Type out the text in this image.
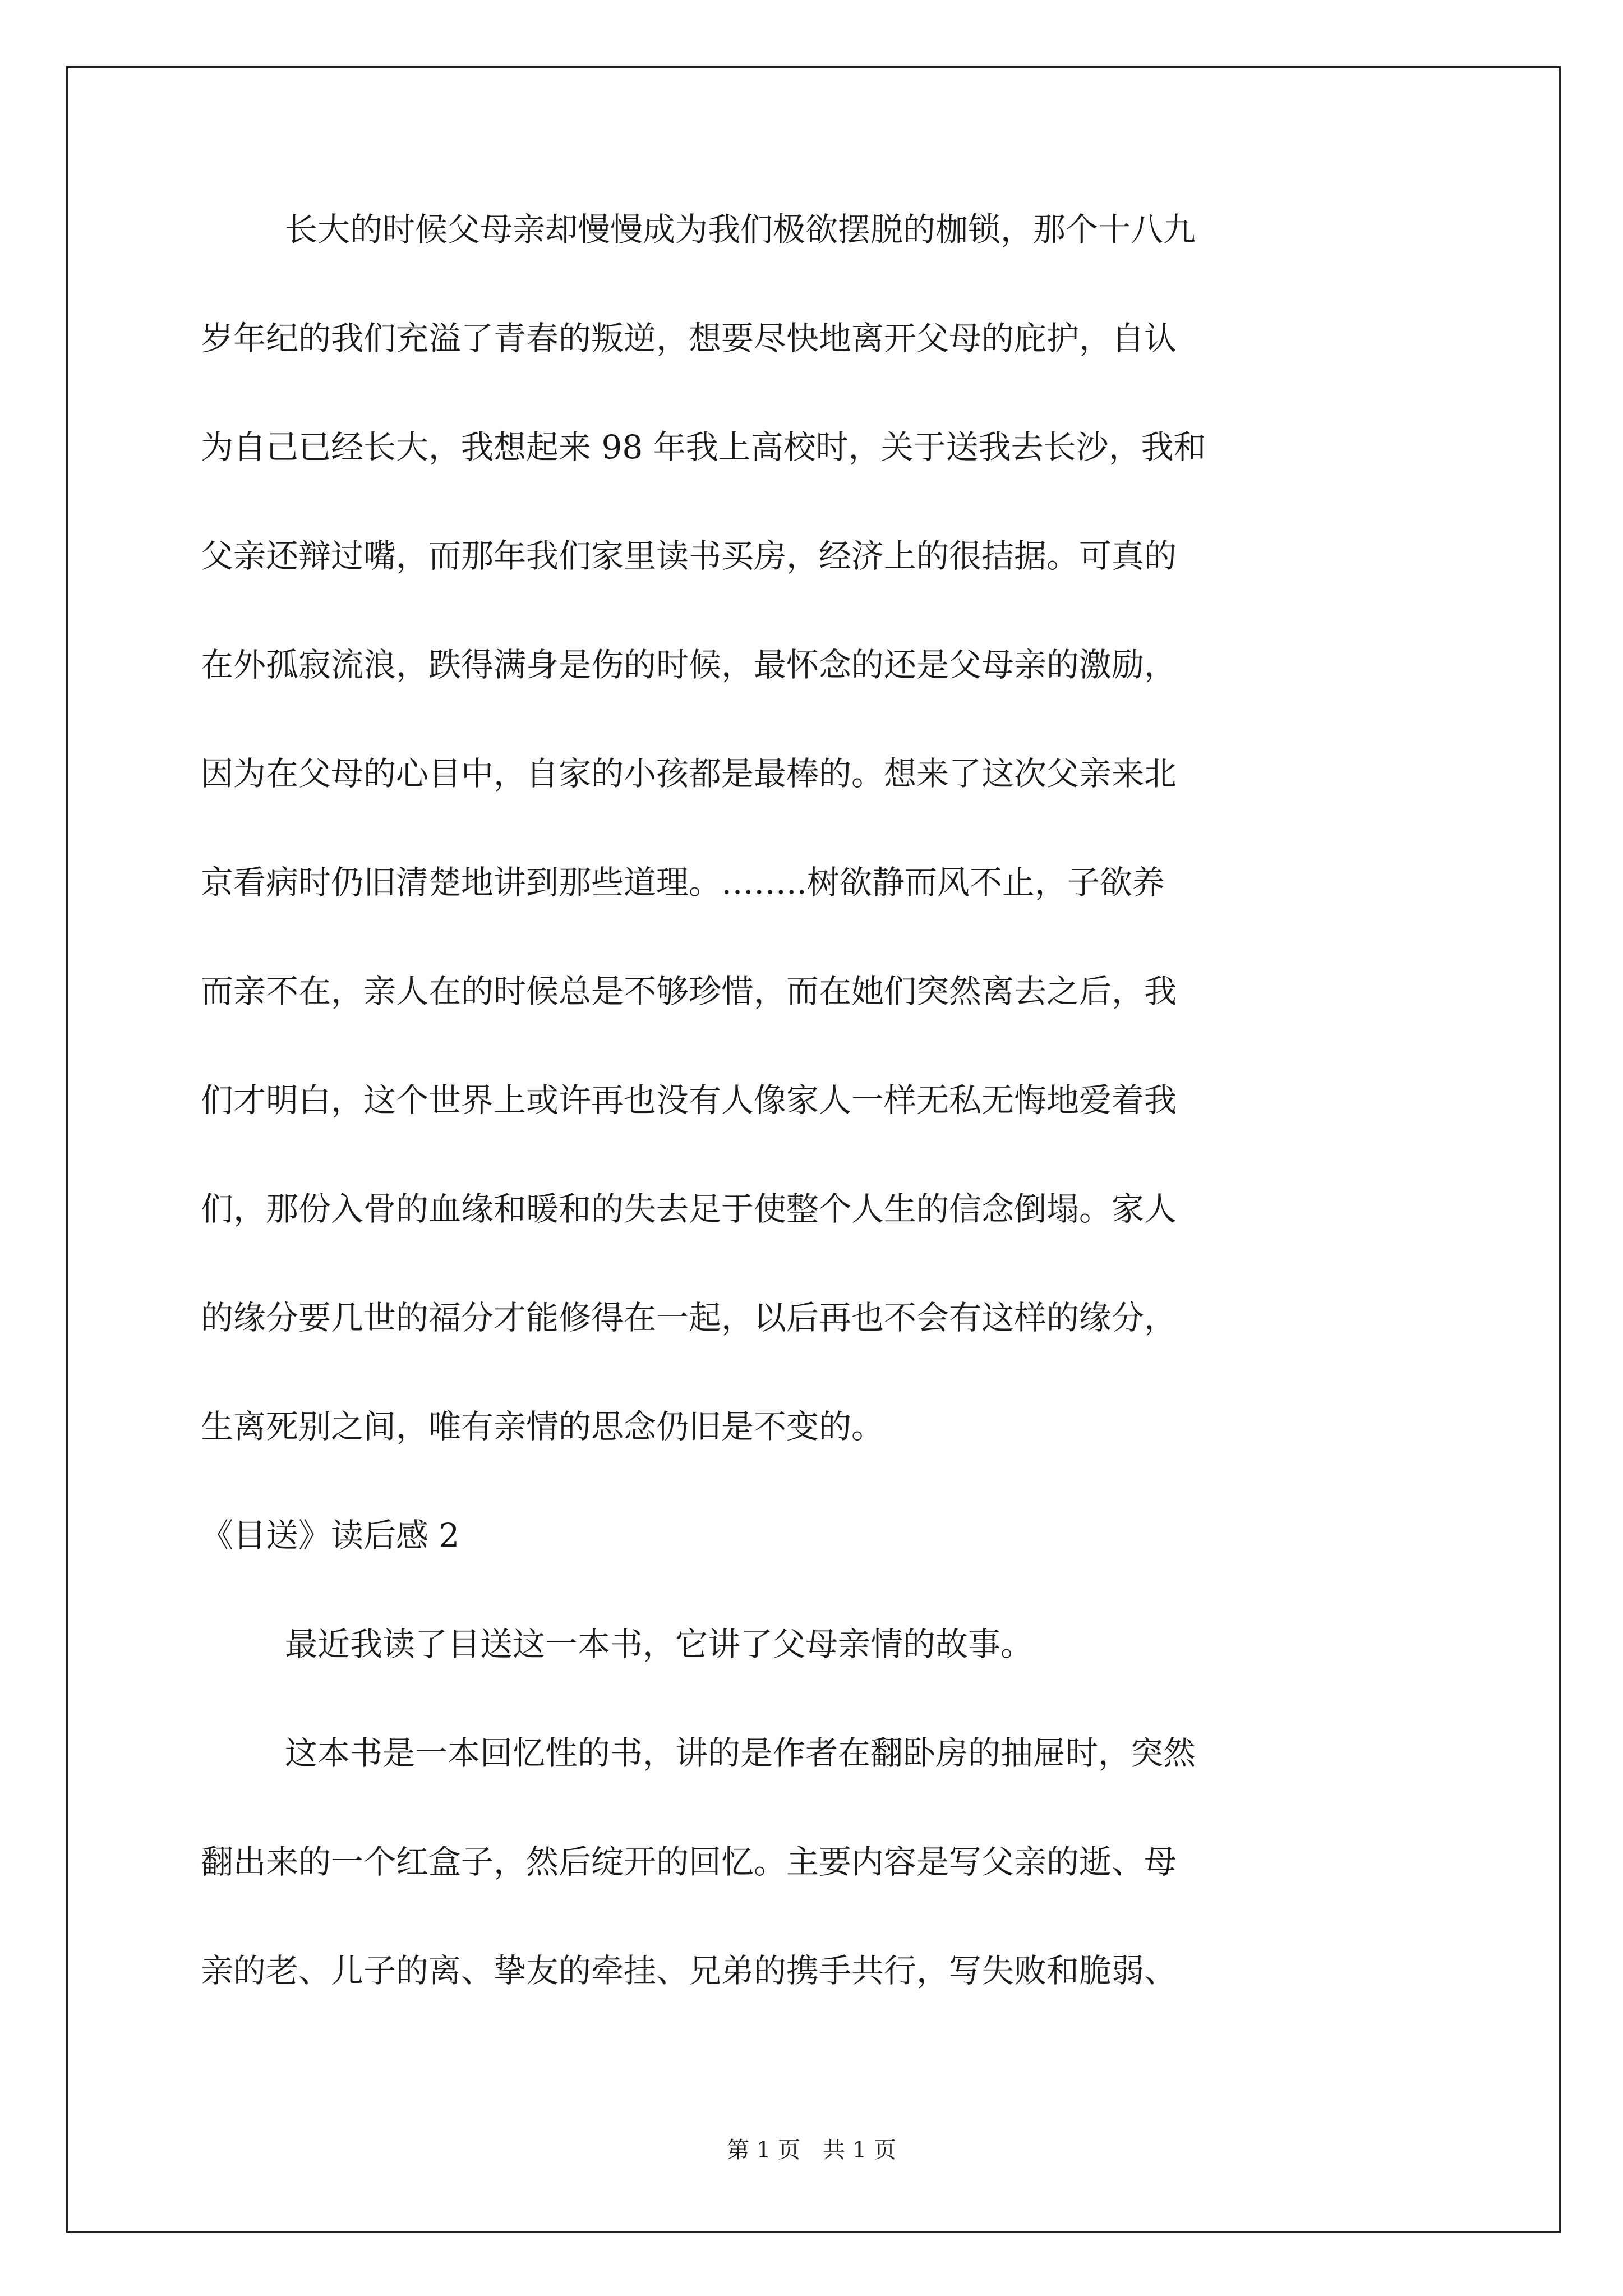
长大的时候父母亲却慢慢成为我们极欲摆脱的枷锁，那个十八九
岁年纪的我们充溢了青春的叛逆，想要尽快地离开父母的庇护，自认
为自己已经长大，我想起来 98 年我上高校时，关于送我去长沙，我和
父亲还辩过嘴，而那年我们家里读书买房，经济上的很拮据。可真的
在外孤寂流浪，跌得满身是伤的时候，最怀念的还是父母亲的激励，
因为在父母的心目中，自家的小孩都是最棒的。想来了这次父亲来北
京看病时仍旧清楚地讲到那些道理。……..树欲静而风不止，子欲养
而亲不在，亲人在的时候总是不够珍惜，而在她们突然离去之后，我
们才明白，这个世界上或许再也没有人像家人一样无私无悔地爱着我
们，那份入骨的血缘和暖和的失去足于使整个人生的信念倒塌。家人
的缘分要几世的福分才能修得在一起，以后再也不会有这样的缘分，
生离死别之间，唯有亲情的思念仍旧是不变的。
《目送》读后感 2
最近我读了目送这一本书，它讲了父母亲情的故事。
这本书是一本回忆性的书，讲的是作者在翻卧房的抽屉时，突然
翻出来的一个红盒子，然后绽开的回忆。主要内容是写父亲的逝、母
亲的老、儿子的离、挚友的牵挂、兄弟的携手共行，写失败和脆弱、
第 1 页　共 1 页
